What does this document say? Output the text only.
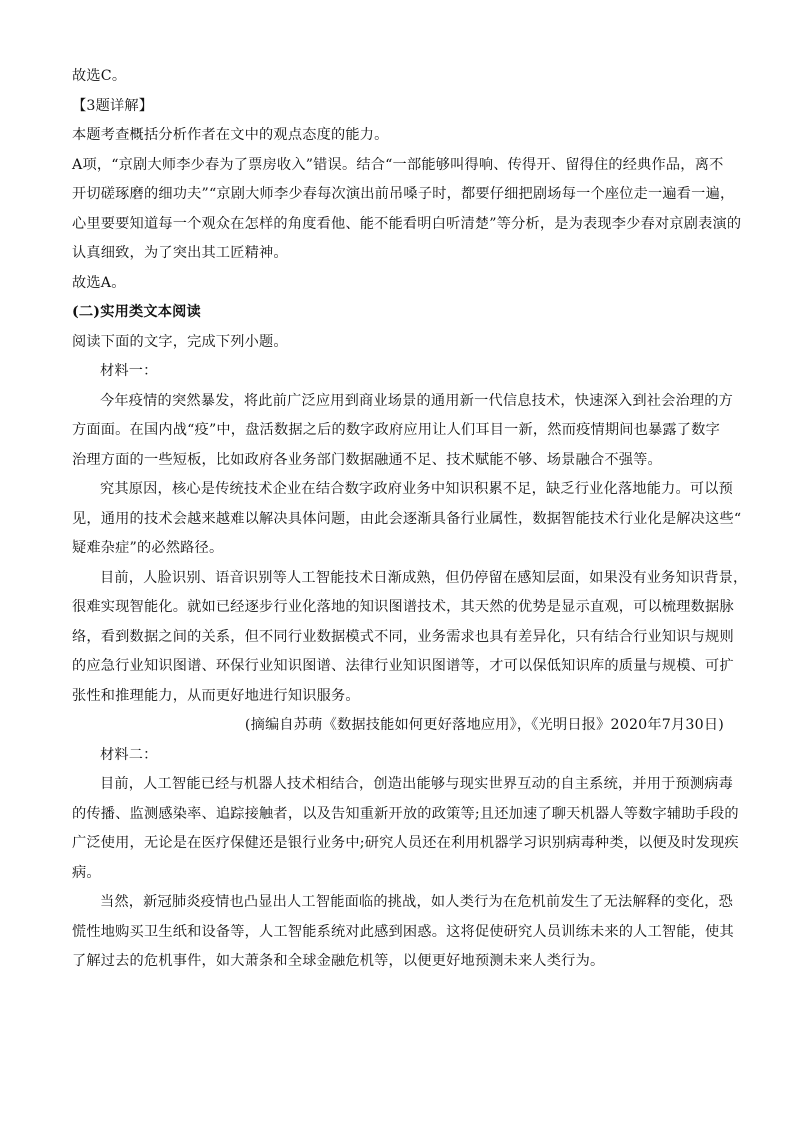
故选C。
【3题详解】
本题考查概括分析作者在文中的观点态度的能力。
A项，“京剧大师李少春为了票房收入”错误。结合“一部能够叫得响、传得开、留得住的经典作品，离不
开切磋琢磨的细功夫”“京剧大师李少春每次演出前吊嗓子时，都要仔细把剧场每一个座位走一遍看一遍，
心里要要知道每一个观众在怎样的角度看他、能不能看明白听清楚”等分析，是为表现李少春对京剧表演的
认真细致，为了突出其工匠精神。
故选A。
(二)实用类文本阅读
阅读下面的文字，完成下列小题。
材料一：
今年疫情的突然暴发，将此前广泛应用到商业场景的通用新一代信息技术，快速深入到社会治理的方
方面面。在国内战“疫”中，盘活数据之后的数字政府应用让人们耳目一新，然而疫情期间也暴露了数字
治理方面的一些短板，比如政府各业务部门数据融通不足、技术赋能不够、场景融合不强等。
究其原因，核心是传统技术企业在结合数字政府业务中知识积累不足，缺乏行业化落地能力。可以预
见，通用的技术会越来越难以解决具体问题，由此会逐渐具备行业属性，数据智能技术行业化是解决这些“
疑难杂症”的必然路径。
目前，人脸识别、语音识别等人工智能技术日渐成熟，但仍停留在感知层面，如果没有业务知识背景，
很难实现智能化。就如已经逐步行业化落地的知识图谱技术，其天然的优势是显示直观，可以梳理数据脉
络，看到数据之间的关系，但不同行业数据模式不同，业务需求也具有差异化，只有结合行业知识与规则
的应急行业知识图谱、环保行业知识图谱、法律行业知识图谱等，才可以保低知识库的质量与规模、可扩
张性和推理能力，从而更好地进行知识服务。
(摘编自苏萌《数据技能如何更好落地应用》，《光明日报》2020年7月30日)
材料二：
目前，人工智能已经与机器人技术相结合，创造出能够与现实世界互动的自主系统，并用于预测病毒
的传播、监测感染率、追踪接触者，以及告知重新开放的政策等;且还加速了聊天机器人等数字辅助手段的
广泛使用，无论是在医疗保健还是银行业务中;研究人员还在利用机器学习识别病毒种类，以便及时发现疾
病。
当然，新冠肺炎疫情也凸显出人工智能面临的挑战，如人类行为在危机前发生了无法解释的变化，恐
慌性地购买卫生纸和设备等，人工智能系统对此感到困惑。这将促使研究人员训练未来的人工智能，使其
了解过去的危机事件，如大萧条和全球金融危机等，以便更好地预测未来人类行为。
